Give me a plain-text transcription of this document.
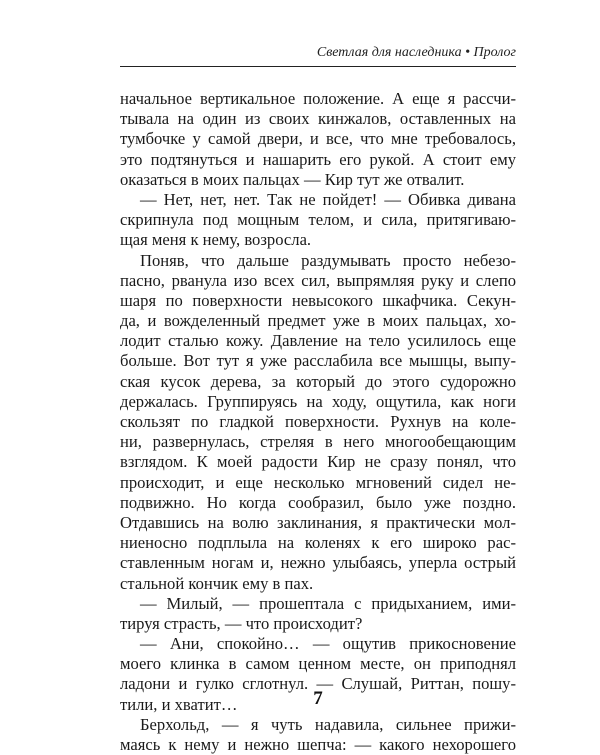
Светлая для наследника • Пролог
начальное вертикальное положение. А еще я рассчи-
тывала на один из своих кинжалов, оставленных на
тумбочке у самой двери, и все, что мне требовалось,
это подтянуться и нашарить его рукой. А стоит ему
оказаться в моих пальцах — Кир тут же отвалит.
— Нет, нет, нет. Так не пойдет! — Обивка дивана
скрипнула под мощным телом, и сила, притягиваю-
щая меня к нему, возросла.
Поняв, что дальше раздумывать просто небезо-
пасно, рванула изо всех сил, выпрямляя руку и слепо
шаря по поверхности невысокого шкафчика. Секун-
да, и вожделенный предмет уже в моих пальцах, хо-
лодит сталью кожу. Давление на тело усилилось еще
больше. Вот тут я уже расслабила все мышцы, выпу-
ская кусок дерева, за который до этого судорожно
держалась. Группируясь на ходу, ощутила, как ноги
скользят по гладкой поверхности. Рухнув на коле-
ни, развернулась, стреляя в него многообещающим
взглядом. К моей радости Кир не сразу понял, что
происходит, и еще несколько мгновений сидел не-
подвижно. Но когда сообразил, было уже поздно.
Отдавшись на волю заклинания, я практически мол-
ниеносно подплыла на коленях к его широко рас-
ставленным ногам и, нежно улыбаясь, уперла острый
стальной кончик ему в пах.
— Милый, — прошептала с придыханием, ими-
тируя страсть, — что происходит?
— Ани, спокойно… — ощутив прикосновение
моего клинка в самом ценном месте, он приподнял
ладони и гулко сглотнул. — Слушай, Риттан, пошу-
тили, и хватит…
Берхольд, — я чуть надавила, сильнее прижи-
маясь к нему и нежно шепча: — какого нехорошего
7
